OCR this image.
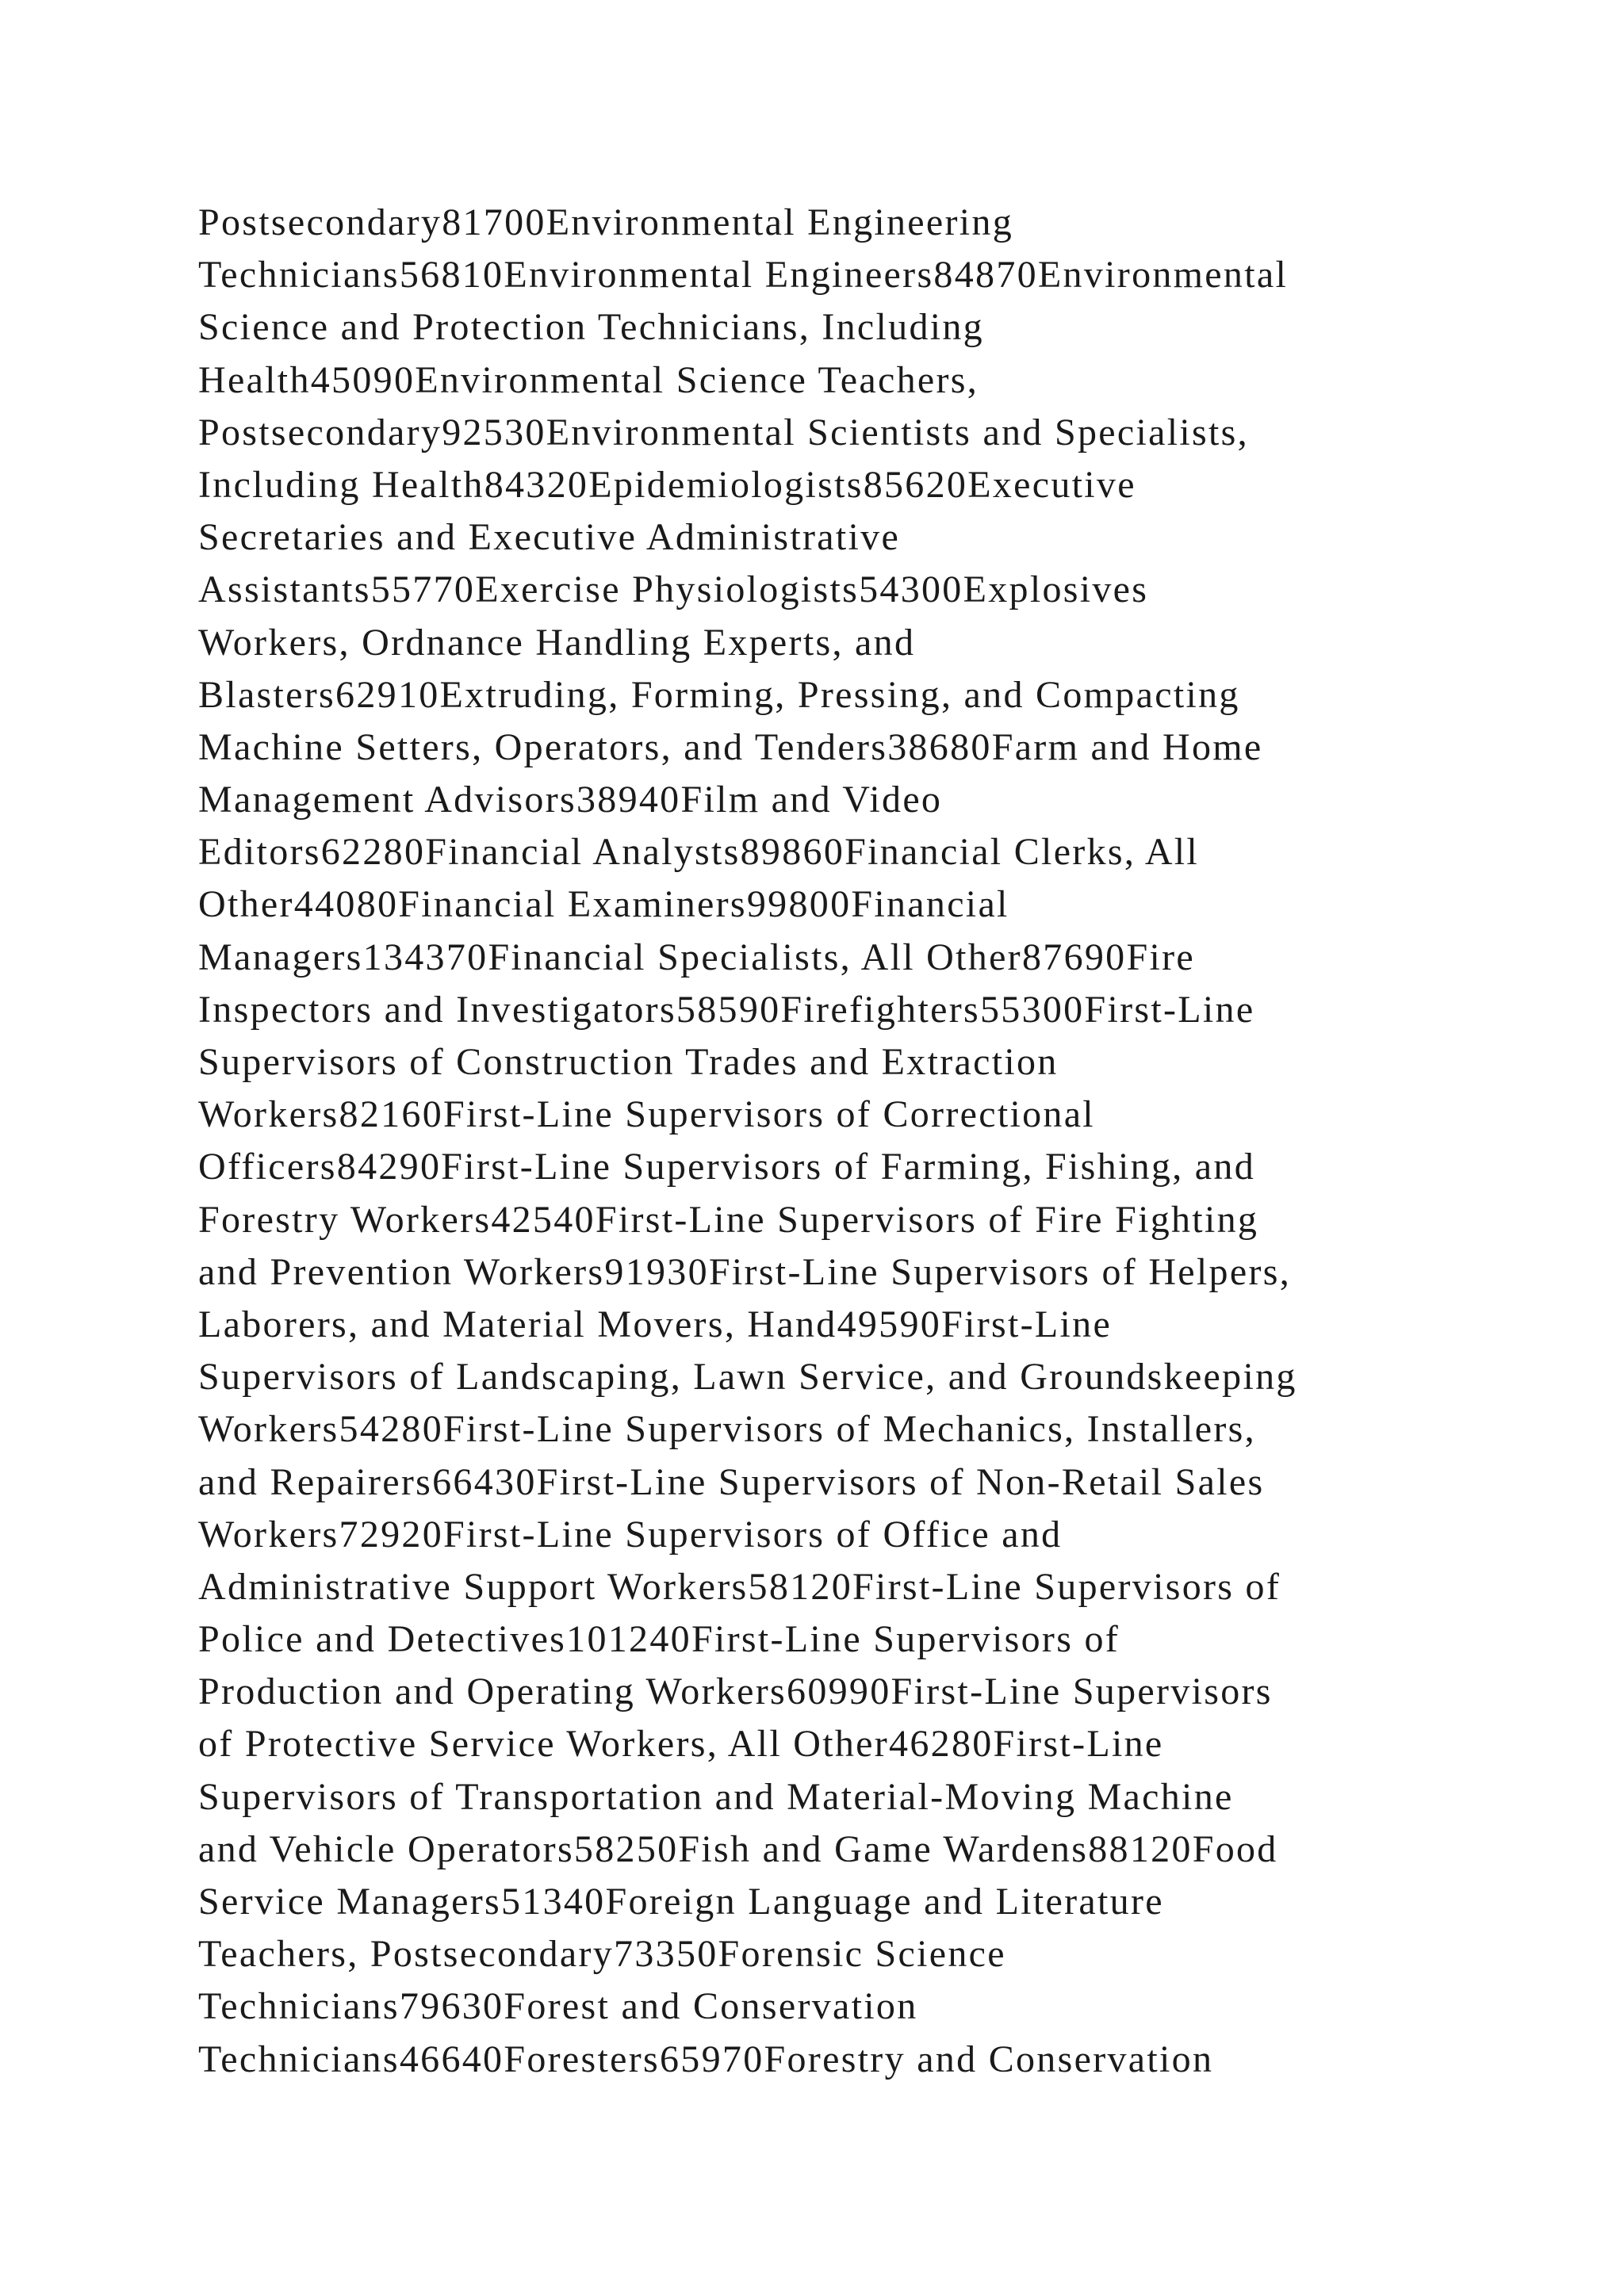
Postsecondary81700Environmental Engineering
Technicians56810Environmental Engineers84870Environmental
Science and Protection Technicians, Including
Health45090Environmental Science Teachers,
Postsecondary92530Environmental Scientists and Specialists,
Including Health84320Epidemiologists85620Executive
Secretaries and Executive Administrative
Assistants55770Exercise Physiologists54300Explosives
Workers, Ordnance Handling Experts, and
Blasters62910Extruding, Forming, Pressing, and Compacting
Machine Setters, Operators, and Tenders38680Farm and Home
Management Advisors38940Film and Video
Editors62280Financial Analysts89860Financial Clerks, All
Other44080Financial Examiners99800Financial
Managers134370Financial Specialists, All Other87690Fire
Inspectors and Investigators58590Firefighters55300First-Line
Supervisors of Construction Trades and Extraction
Workers82160First-Line Supervisors of Correctional
Officers84290First-Line Supervisors of Farming, Fishing, and
Forestry Workers42540First-Line Supervisors of Fire Fighting
and Prevention Workers91930First-Line Supervisors of Helpers,
Laborers, and Material Movers, Hand49590First-Line
Supervisors of Landscaping, Lawn Service, and Groundskeeping
Workers54280First-Line Supervisors of Mechanics, Installers,
and Repairers66430First-Line Supervisors of Non-Retail Sales
Workers72920First-Line Supervisors of Office and
Administrative Support Workers58120First-Line Supervisors of
Police and Detectives101240First-Line Supervisors of
Production and Operating Workers60990First-Line Supervisors
of Protective Service Workers, All Other46280First-Line
Supervisors of Transportation and Material-Moving Machine
and Vehicle Operators58250Fish and Game Wardens88120Food
Service Managers51340Foreign Language and Literature
Teachers, Postsecondary73350Forensic Science
Technicians79630Forest and Conservation
Technicians46640Foresters65970Forestry and Conservation
